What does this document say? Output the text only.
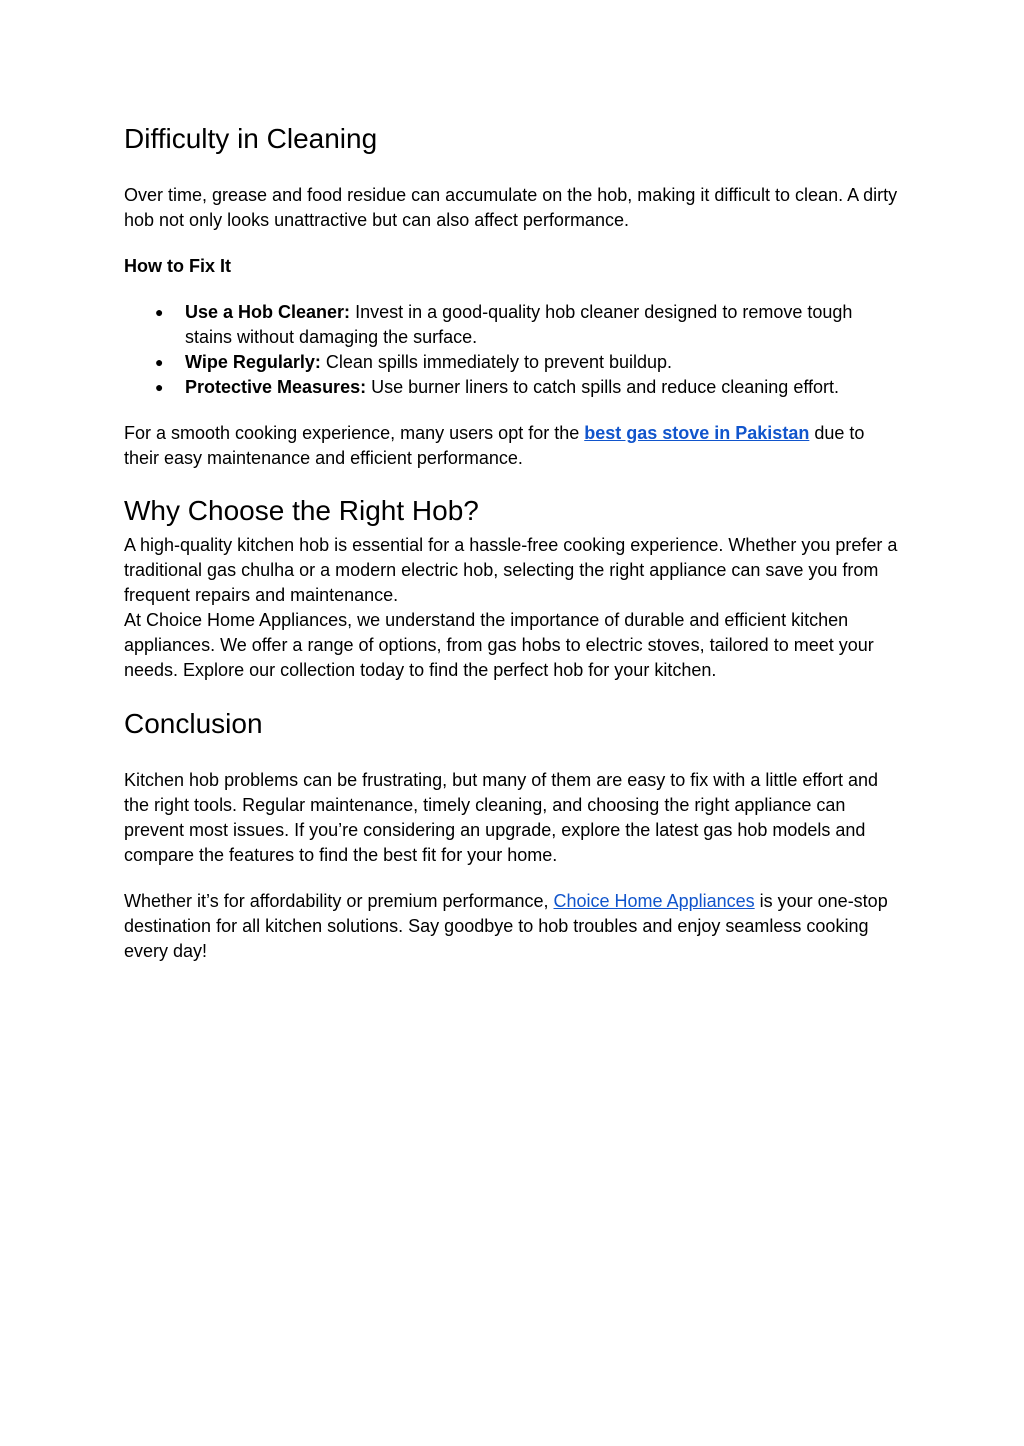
Difficulty in Cleaning

Over time, grease and food residue can accumulate on the hob, making it difficult to clean. A dirty hob not only looks unattractive but can also affect performance.

How to Fix It

● Use a Hob Cleaner: Invest in a good-quality hob cleaner designed to remove tough stains without damaging the surface.
● Wipe Regularly: Clean spills immediately to prevent buildup.
● Protective Measures: Use burner liners to catch spills and reduce cleaning effort.

For a smooth cooking experience, many users opt for the best gas stove in Pakistan due to their easy maintenance and efficient performance.

Why Choose the Right Hob?

A high-quality kitchen hob is essential for a hassle-free cooking experience. Whether you prefer a traditional gas chulha or a modern electric hob, selecting the right appliance can save you from frequent repairs and maintenance.

At Choice Home Appliances, we understand the importance of durable and efficient kitchen appliances. We offer a range of options, from gas hobs to electric stoves, tailored to meet your needs. Explore our collection today to find the perfect hob for your kitchen.

Conclusion

Kitchen hob problems can be frustrating, but many of them are easy to fix with a little effort and the right tools. Regular maintenance, timely cleaning, and choosing the right appliance can prevent most issues. If you’re considering an upgrade, explore the latest gas hob models and compare the features to find the best fit for your home.

Whether it’s for affordability or premium performance, Choice Home Appliances is your one-stop destination for all kitchen solutions. Say goodbye to hob troubles and enjoy seamless cooking every day!
